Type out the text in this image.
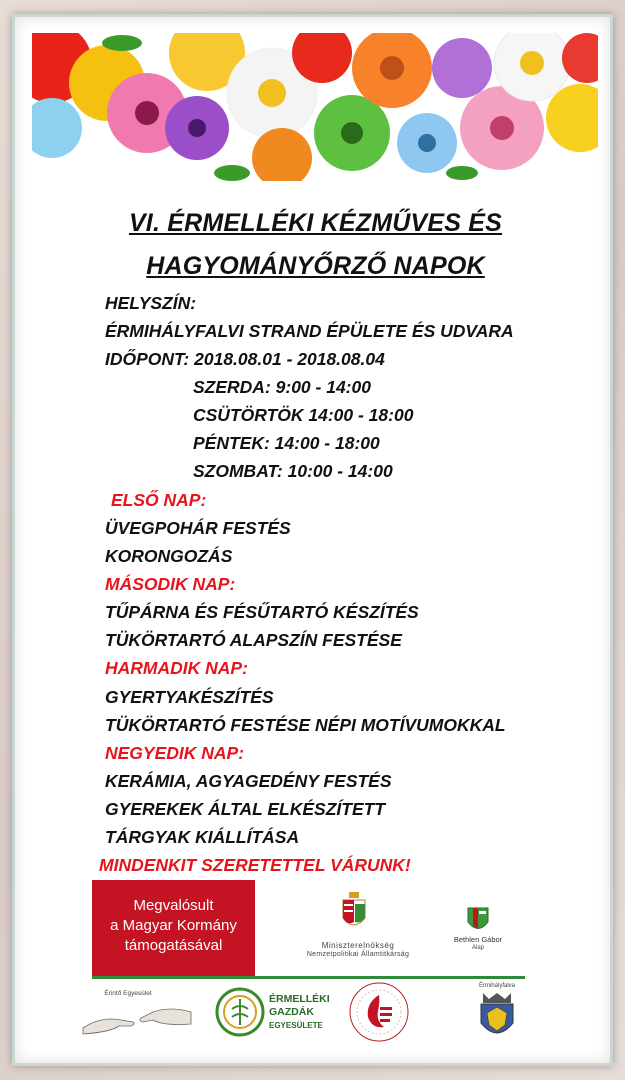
VI. ÉRMELLÉKI KÉZMŰVES ÉS
HAGYOMÁNYŐRZŐ NAPOK
HELYSZÍN:
ÉRMIHÁLYFALVI STRAND ÉPÜLETE ÉS UDVARA
IDŐPONT: 2018.08.01 - 2018.08.04
SZERDA: 9:00 - 14:00
CSÜTÖRTÖK 14:00 - 18:00
PÉNTEK: 14:00 - 18:00
SZOMBAT: 10:00 - 14:00
ELSŐ NAP:
ÜVEGPOHÁR FESTÉS
KORONGOZÁS
MÁSODIK NAP:
TŰPÁRNA ÉS FÉSŰTARTÓ KÉSZÍTÉS
TÜKÖRTARTÓ ALAPSZÍN FESTÉSE
HARMADIK NAP:
GYERTYAKÉSZÍTÉS
TÜKÖRTARTÓ FESTÉSE NÉPI MOTÍVUMOKKAL
NEGYEDIK NAP:
KERÁMIA, AGYAGEDÉNY FESTÉS
GYEREKEK ÁLTAL ELKÉSZÍTETT
TÁRGYAK KIÁLLÍTÁSA
MINDENKIT SZERETETTEL VÁRUNK!
Megvalósult
a Magyar Kormány
támogatásával	Miniszterelnökség
Nemzetpolitikai Államtitkárság
Bethlen Gábor
Alap
Érintő Egyesület	ÉRMELLÉKI
GAZDÁK
EGYESÜLETE
Érmihályfalva
